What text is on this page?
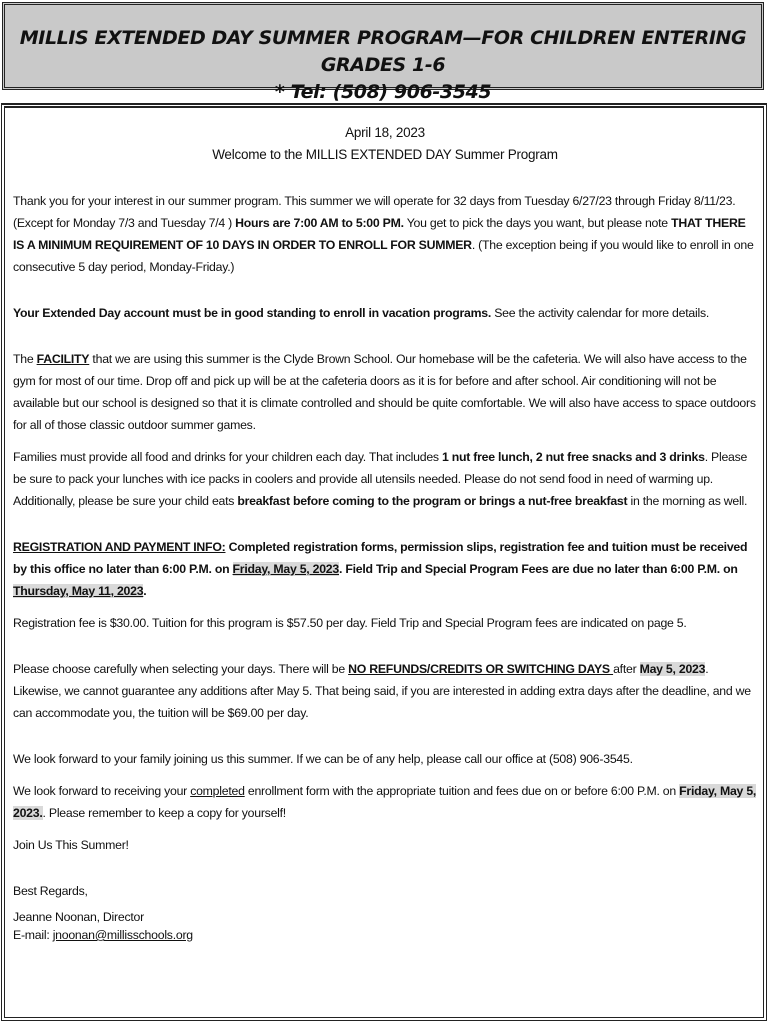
MILLIS EXTENDED DAY SUMMER PROGRAM—FOR CHILDREN ENTERING GRADES 1-6
* Tel: (508) 906-3545
April 18, 2023
Welcome to the MILLIS EXTENDED DAY Summer Program

Thank you for your interest in our summer program. This summer we will operate for 32 days from Tuesday 6/27/23 through Friday 8/11/23. (Except for Monday 7/3 and Tuesday 7/4 ) Hours are 7:00 AM to 5:00 PM. You get to pick the days you want, but please note THAT THERE IS A MINIMUM REQUIREMENT OF 10 DAYS IN ORDER TO ENROLL FOR SUMMER. (The exception being if you would like to enroll in one consecutive 5 day period, Monday-Friday.)

Your Extended Day account must be in good standing to enroll in vacation programs. See the activity calendar for more details.

The FACILITY that we are using this summer is the Clyde Brown School. Our homebase will be the cafeteria. We will also have access to the gym for most of our time. Drop off and pick up will be at the cafeteria doors as it is for before and after school. Air conditioning will not be available but our school is designed so that it is climate controlled and should be quite comfortable. We will also have access to space outdoors for all of those classic outdoor summer games.

Families must provide all food and drinks for your children each day. That includes 1 nut free lunch, 2 nut free snacks and 3 drinks. Please be sure to pack your lunches with ice packs in coolers and provide all utensils needed. Please do not send food in need of warming up. Additionally, please be sure your child eats breakfast before coming to the program or brings a nut-free breakfast in the morning as well.

REGISTRATION AND PAYMENT INFO: Completed registration forms, permission slips, registration fee and tuition must be received by this office no later than 6:00 P.M. on Friday, May 5, 2023. Field Trip and Special Program Fees are due no later than 6:00 P.M. on Thursday, May 11, 2023.

Registration fee is $30.00. Tuition for this program is $57.50 per day. Field Trip and Special Program fees are indicated on page 5.

Please choose carefully when selecting your days. There will be NO REFUNDS/CREDITS OR SWITCHING DAYS after May 5, 2023. Likewise, we cannot guarantee any additions after May 5. That being said, if you are interested in adding extra days after the deadline, and we can accommodate you, the tuition will be $69.00 per day.

We look forward to your family joining us this summer. If we can be of any help, please call our office at (508) 906-3545.

We look forward to receiving your completed enrollment form with the appropriate tuition and fees due on or before 6:00 P.M. on Friday, May 5, 2023.. Please remember to keep a copy for yourself!

Join Us This Summer!

Best Regards,

Jeanne Noonan, Director

E-mail: jnoonan@millisschools.org
